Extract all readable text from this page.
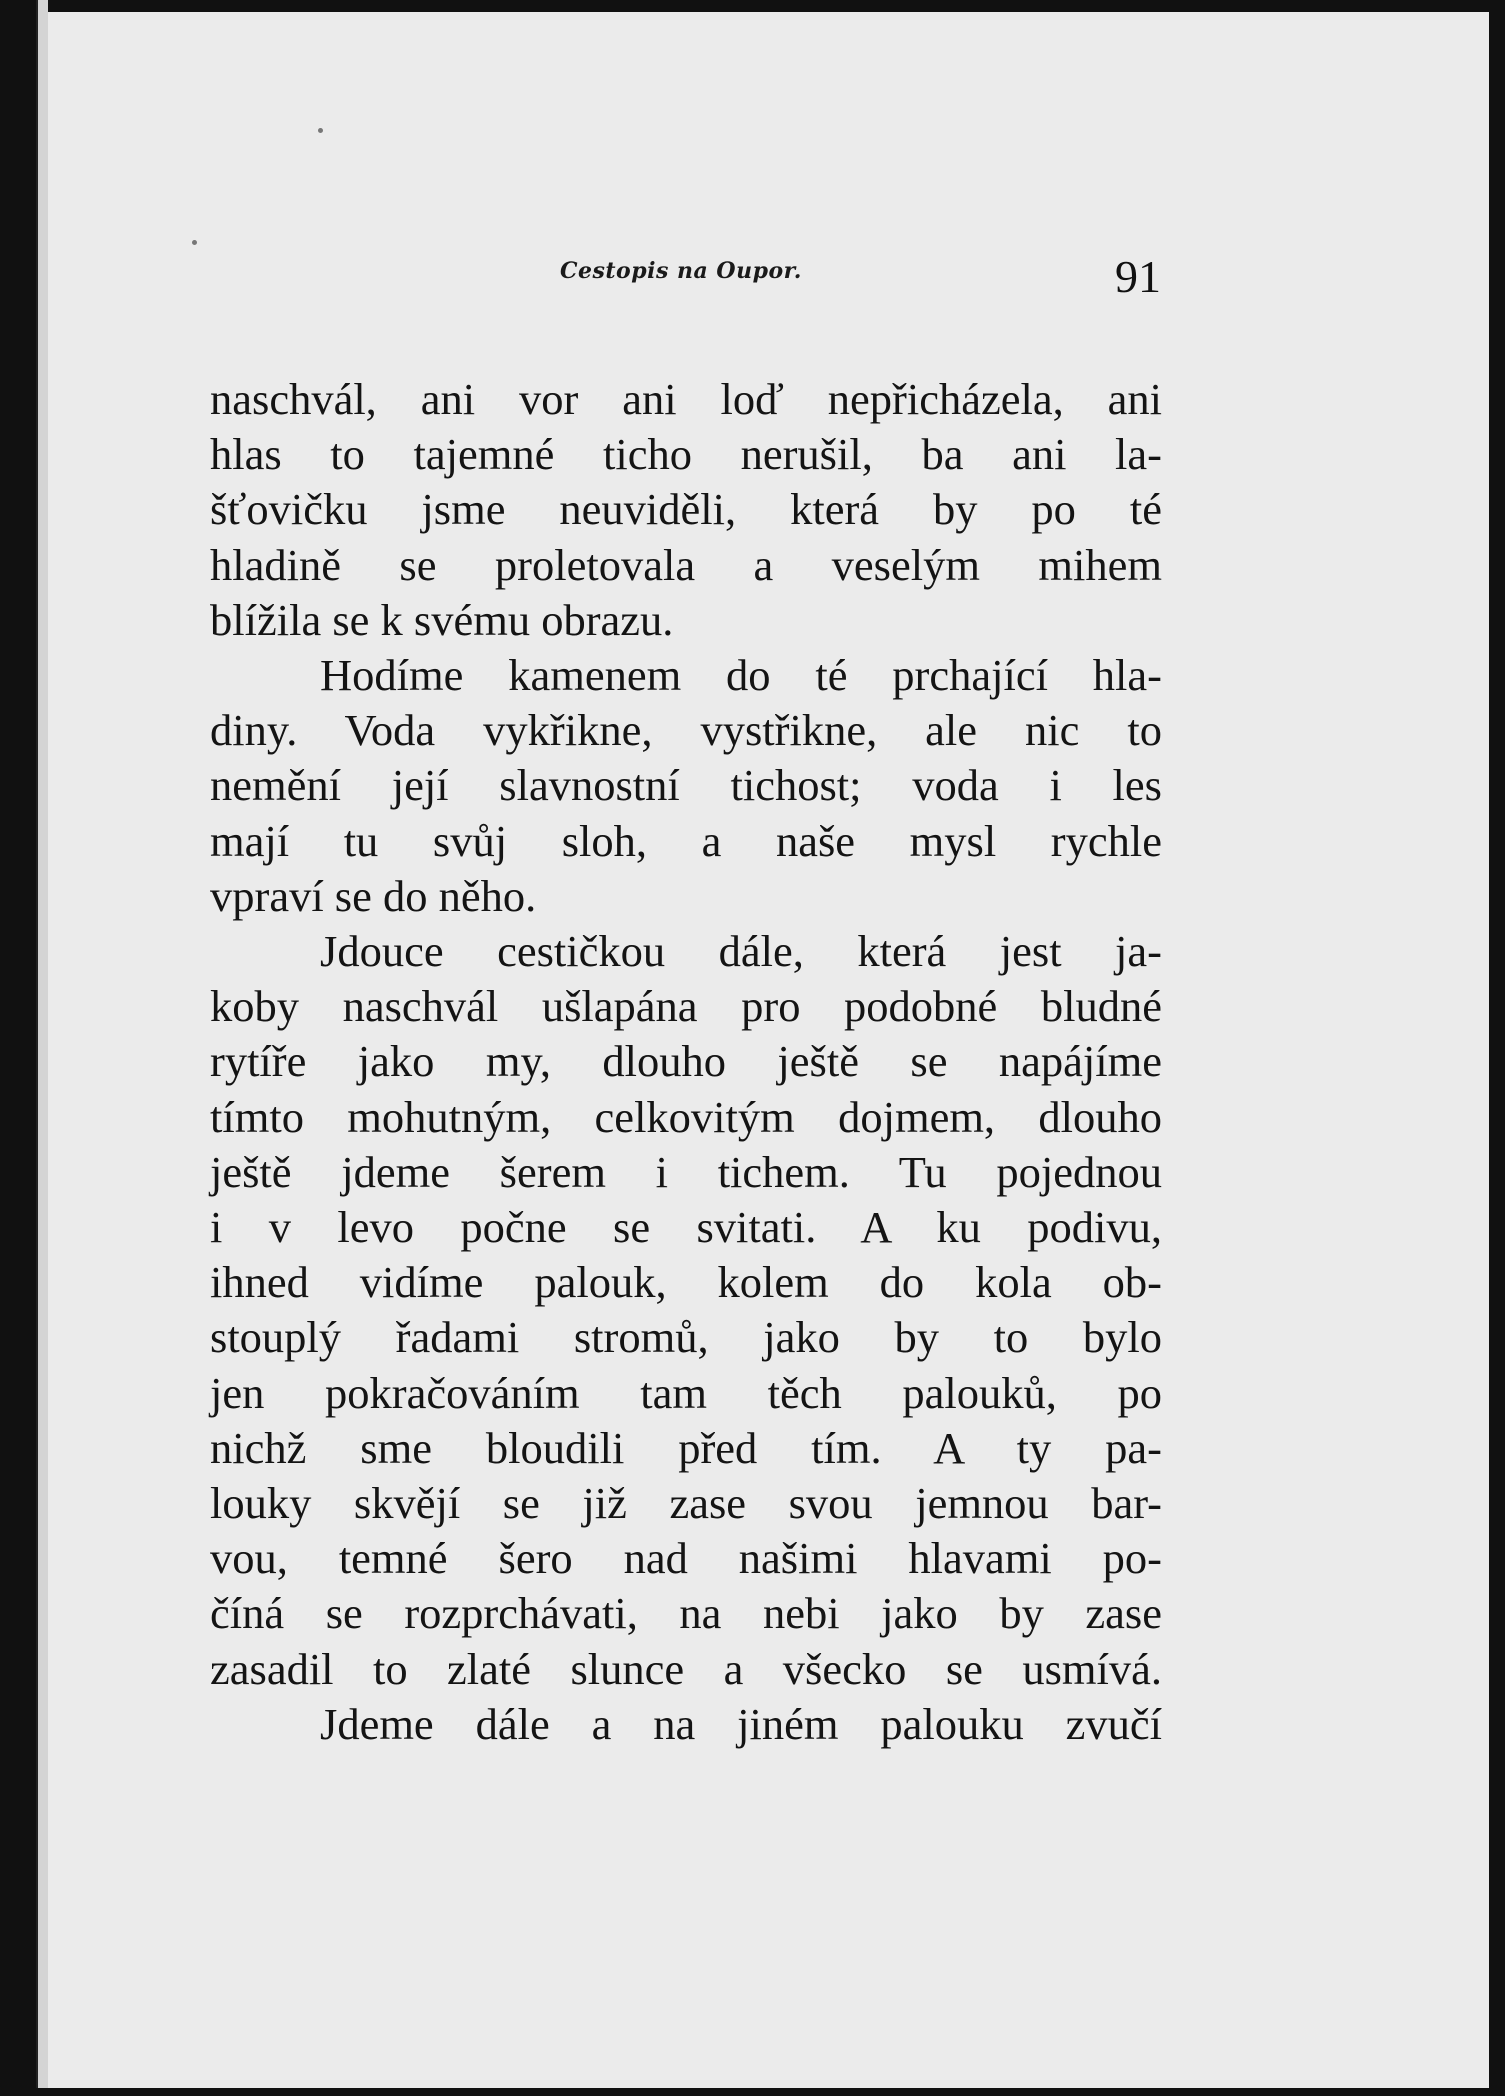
Cestopis na Oupor.	91
naschvál, ani vor ani loď nepřicházela, ani
hlas to tajemné ticho nerušil, ba ani la-
šťovičku jsme neuviděli, která by po té
hladině se proletovala a veselým mihem
blížila se k svému obrazu.
Hodíme kamenem do té prchající hla-
diny. Voda vykřikne, vystřikne, ale nic to
nemění její slavnostní tichost; voda i les
mají tu svůj sloh, a naše mysl rychle
vpraví se do něho.
Jdouce cestičkou dále, která jest ja-
koby naschvál ušlapána pro podobné bludné
rytíře jako my, dlouho ještě se napájíme
tímto mohutným, celkovitým dojmem, dlouho
ještě jdeme šerem i tichem. Tu pojednou
i v levo počne se svitati. A ku podivu,
ihned vidíme palouk, kolem do kola ob-
stouplý řadami stromů, jako by to bylo
jen pokračováním tam těch palouků, po
nichž sme bloudili před tím. A ty pa-
louky skvějí se již zase svou jemnou bar-
vou, temné šero nad našimi hlavami po-
číná se rozprchávati, na nebi jako by zase
zasadil to zlaté slunce a všecko se usmívá.
Jdeme dále a na jiném palouku zvučí
